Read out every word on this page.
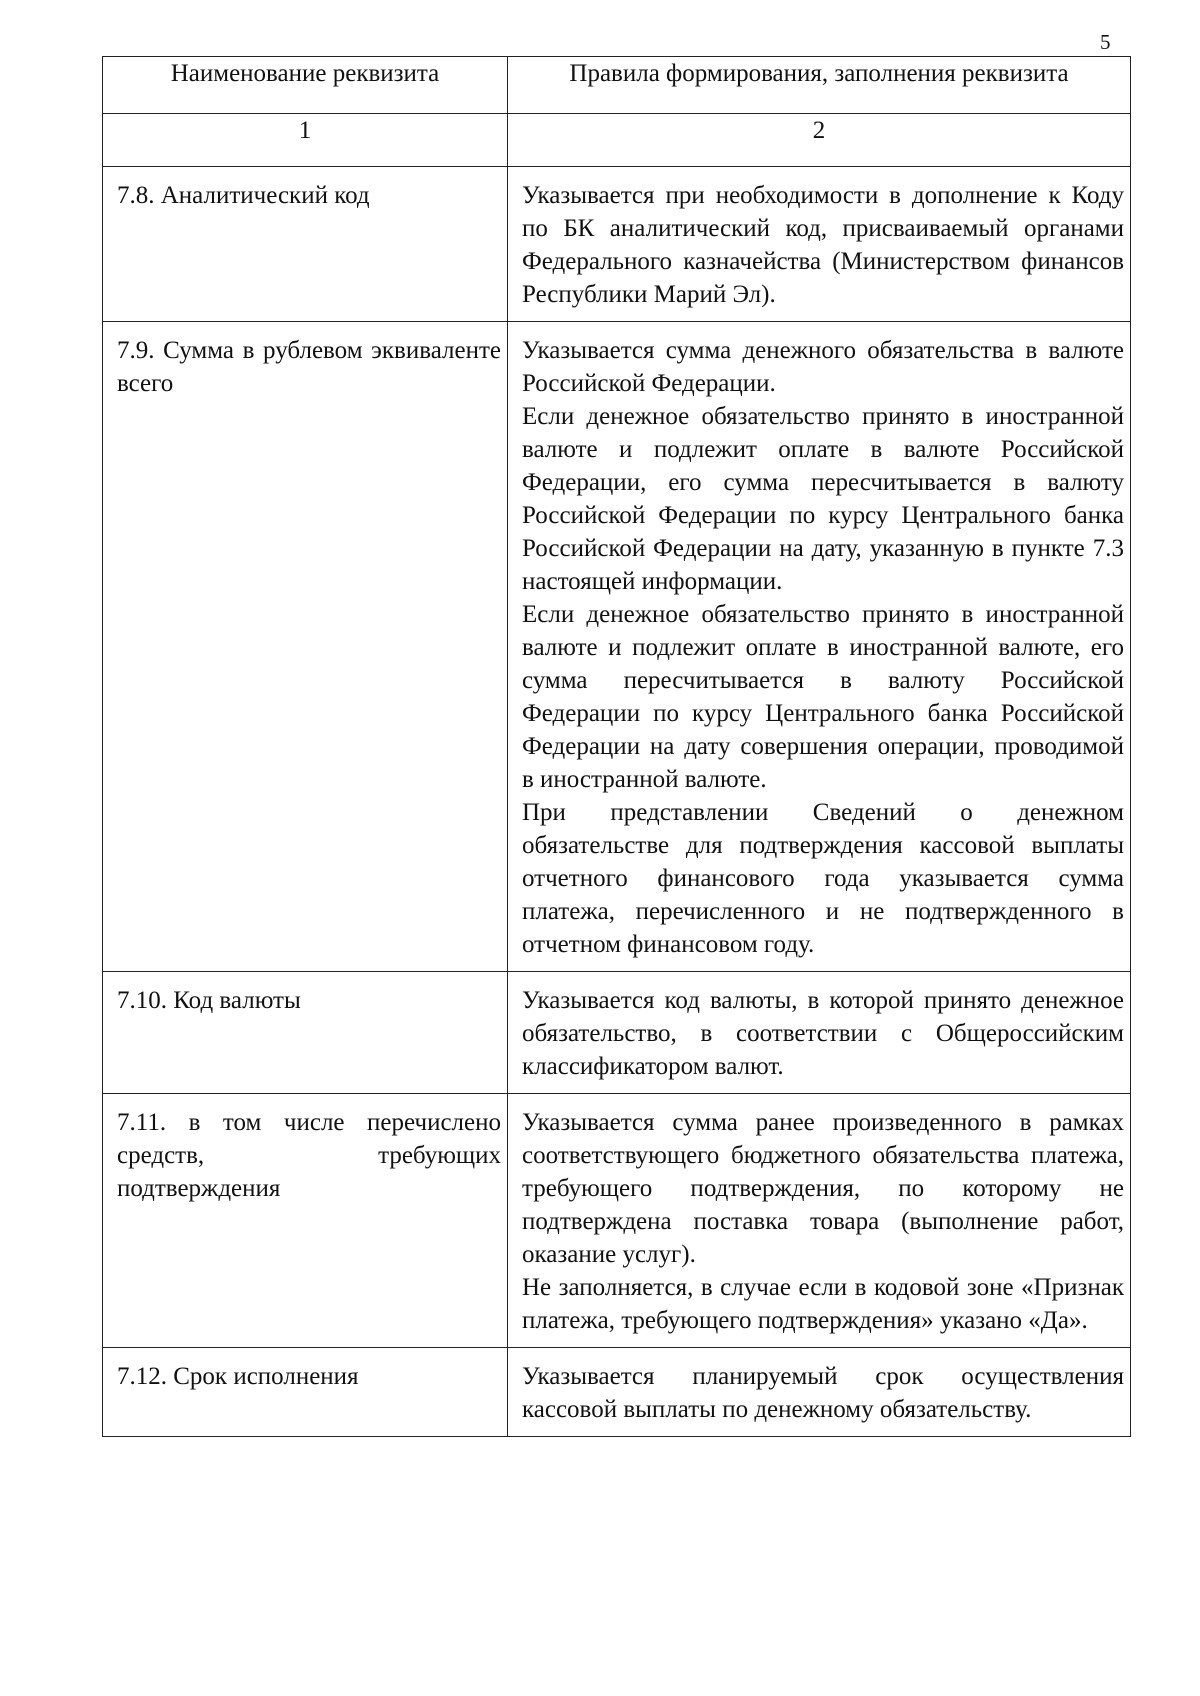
5
Наименование реквизита	Правила формирования, заполнения реквизита
1	2
7.8. Аналитический код	Указывается при необходимости в дополнение к Коду по БК аналитический код, присваиваемый органами Федерального казначейства (Министерством финансов Республики Марий Эл).

7.9. Сумма в рублевом эквиваленте всего	Указывается сумма денежного обязательства в валюте Российской Федерации.

Если денежное обязательство принято в иностранной валюте и подлежит оплате в валюте Российской Федерации, его сумма пересчитывается в валюту Российской Федерации по курсу Центрального банка Российской Федерации на дату, указанную в пункте 7.3 настоящей информации.

Если денежное обязательство принято в иностранной валюте и подлежит оплате в иностранной валюте, его сумма пересчитывается в валюту Российской Федерации по курсу Центрального банка Российской Федерации на дату совершения операции, проводимой в иностранной валюте.

При представлении Сведений о денежном обязательстве для подтверждения кассовой выплаты отчетного финансового года указывается сумма платежа, перечисленного и не подтвержденного в отчетном финансовом году.

7.10. Код валюты	Указывается код валюты, в которой принято денежное обязательство, в соответствии с Общероссийским классификатором валют.

7.11. в том числе перечислено средств, требующих подтверждения	Указывается сумма ранее произведенного в рамках соответствующего бюджетного обязательства платежа, требующего подтверждения, по которому не подтверждена поставка товара (выполнение работ, оказание услуг).

Не заполняется, в случае если в кодовой зоне «Признак платежа, требующего подтверждения» указано «Да».

7.12. Срок исполнения	Указывается планируемый срок осуществления кассовой выплаты по денежному обязательству.
